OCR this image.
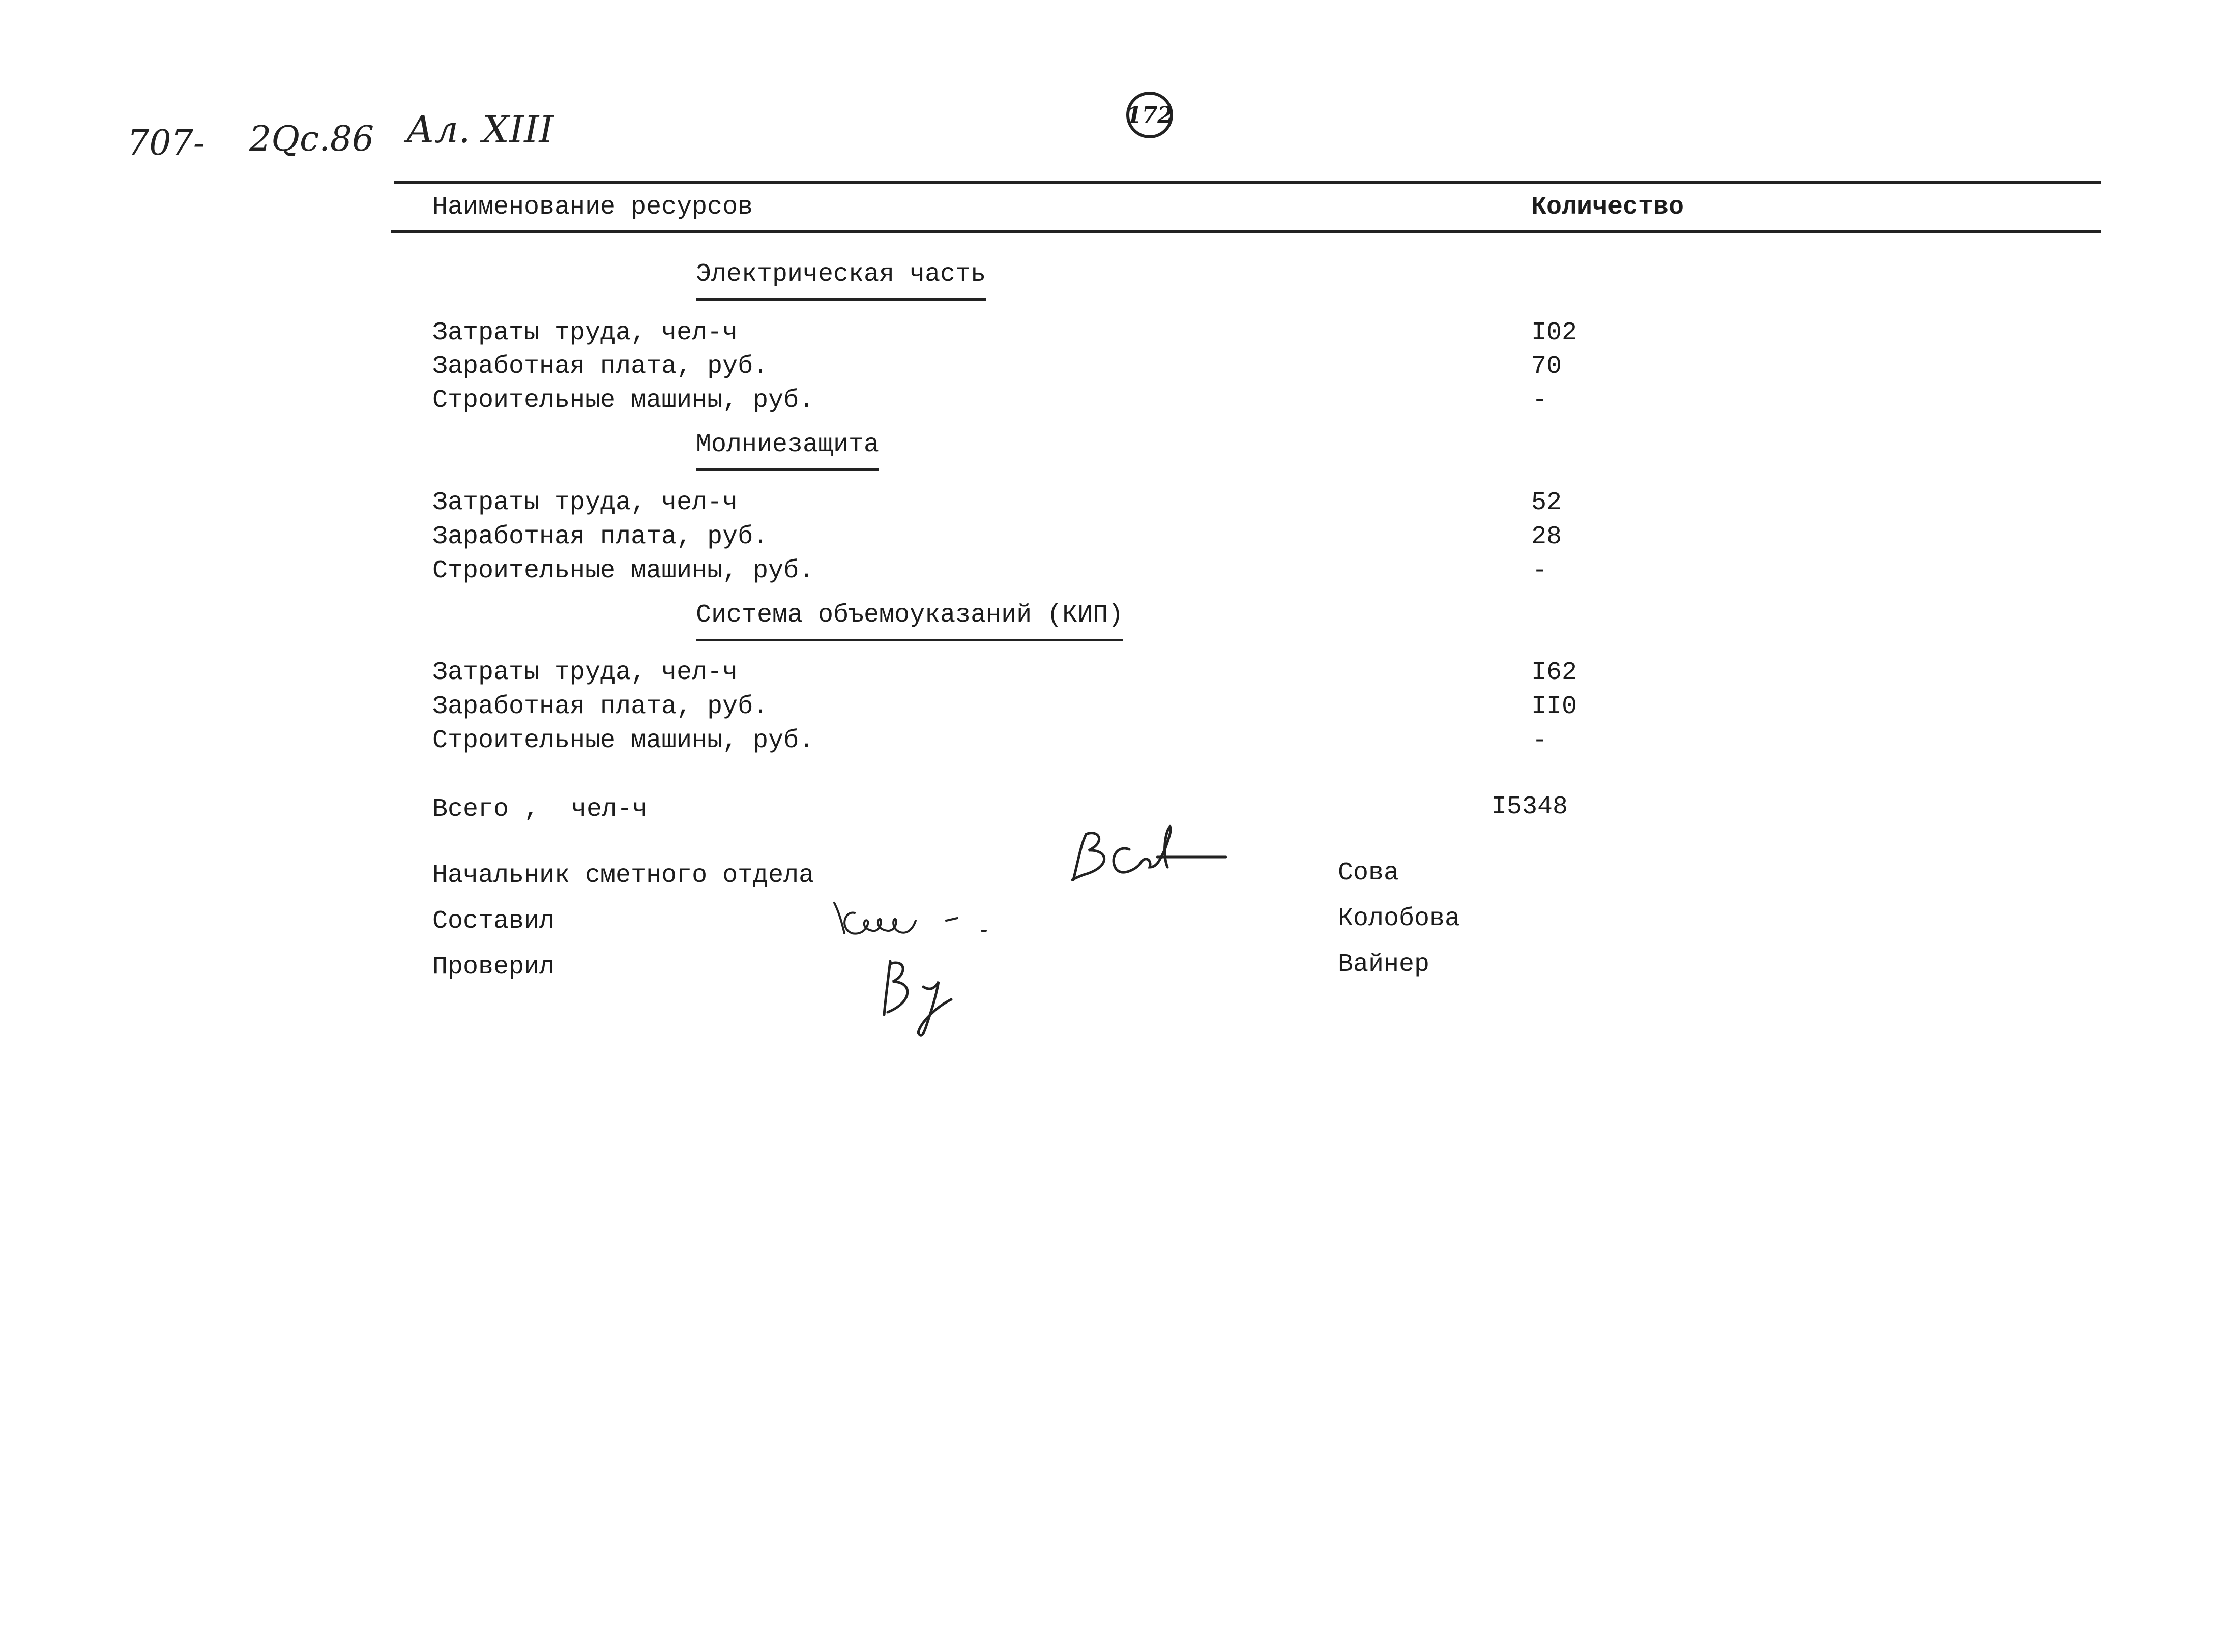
707- 2Qc.86 Ал. XIII	172
Наименование ресурсов	Количество
Электрическая часть
Затраты труда, чел-ч	I02
Заработная плата, руб.	70
Строительные машины, руб.	-
Молниезащита
Затраты труда, чел-ч	52
Заработная плата, руб.	28
Строительные машины, руб.	-
Система объемоуказаний (КИП)
Затраты труда, чел-ч	I62
Заработная плата, руб.	II0
Строительные машины, руб.	-
Всего , чел-ч	I5348
Начальник сметного отдела	Сова
Составил	Колобова
Проверил	Вайнер
